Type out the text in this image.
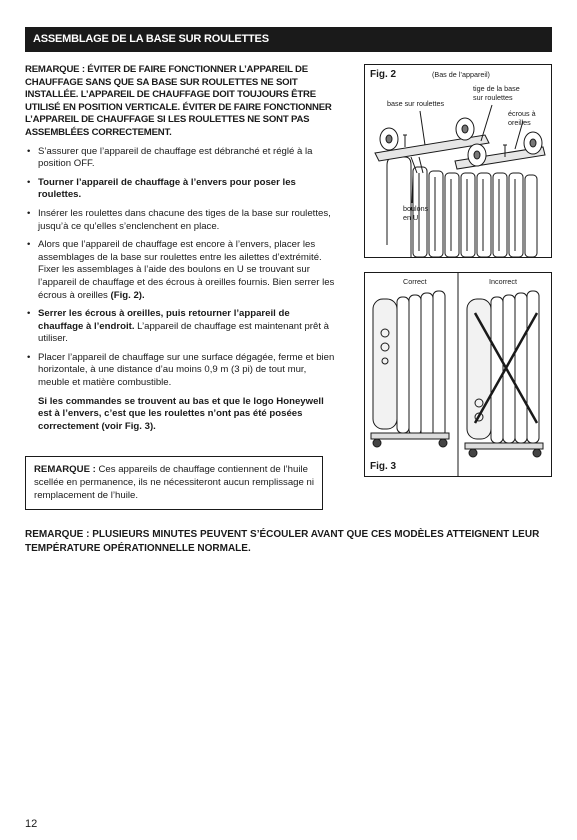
ASSEMBLAGE DE LA BASE SUR ROULETTES

REMARQUE : ÉVITER DE FAIRE FONCTIONNER L’APPAREIL DE CHAUFFAGE SANS QUE SA BASE SUR ROULETTES NE SOIT INSTALLÉE. L’APPAREIL DE CHAUFFAGE DOIT TOUJOURS ÊTRE UTILISÉ EN POSITION VERTICALE. ÉVITER DE FAIRE FONCTIONNER L’APPAREIL DE CHAUFFAGE SI LES ROULETTES NE SONT PAS ASSEMBLÉES CORRECTEMENT.

• S’assurer que l’appareil de chauffage est débranché et réglé à la position OFF.
• Tourner l’appareil de chauffage à l’envers pour poser les roulettes.
• Insérer les roulettes dans chacune des tiges de la base sur roulettes, jusqu’à ce qu’elles s’enclenchent en place.
• Alors que l’appareil de chauffage est encore à l’envers, placer les assemblages de la base sur roulettes entre les ailettes d’extrémité. Fixer les assemblages à l’aide des boulons en U se trouvant sur l’appareil de chauffage et des écrous à oreilles fournis. Bien serrer les écrous à oreilles (Fig. 2).
• Serrer les écrous à oreilles, puis retourner l’appareil de chauffage à l’endroit. L’appareil de chauffage est maintenant prêt à utiliser.
• Placer l’appareil de chauffage sur une surface dégagée, ferme et bien horizontale, à une distance d’au moins 0,9 m (3 pi) de tout mur, meuble et matière combustible.

Si les commandes se trouvent au bas et que le logo Honeywell est à l’envers, c’est que les roulettes n’ont pas été posées correctement (voir Fig. 3).

REMARQUE : Ces appareils de chauffage contiennent de l’huile scellée en permanence, ils ne nécessiteront aucun remplissage ni remplacement de l’huile.
REMARQUE : PLUSIEURS MINUTES PEUVENT S’ÉCOULER AVANT QUE CES MODÈLES ATTEIGNENT LEUR TEMPÉRATURE OPÉRATIONNELLE NORMALE.
12
Fig. 2	(Bas de l’appareil)
base sur roulettes
tige de la base
sur roulettes
écrous à
oreilles
boulons
en U
Correct	Incorrect
Fig. 3
